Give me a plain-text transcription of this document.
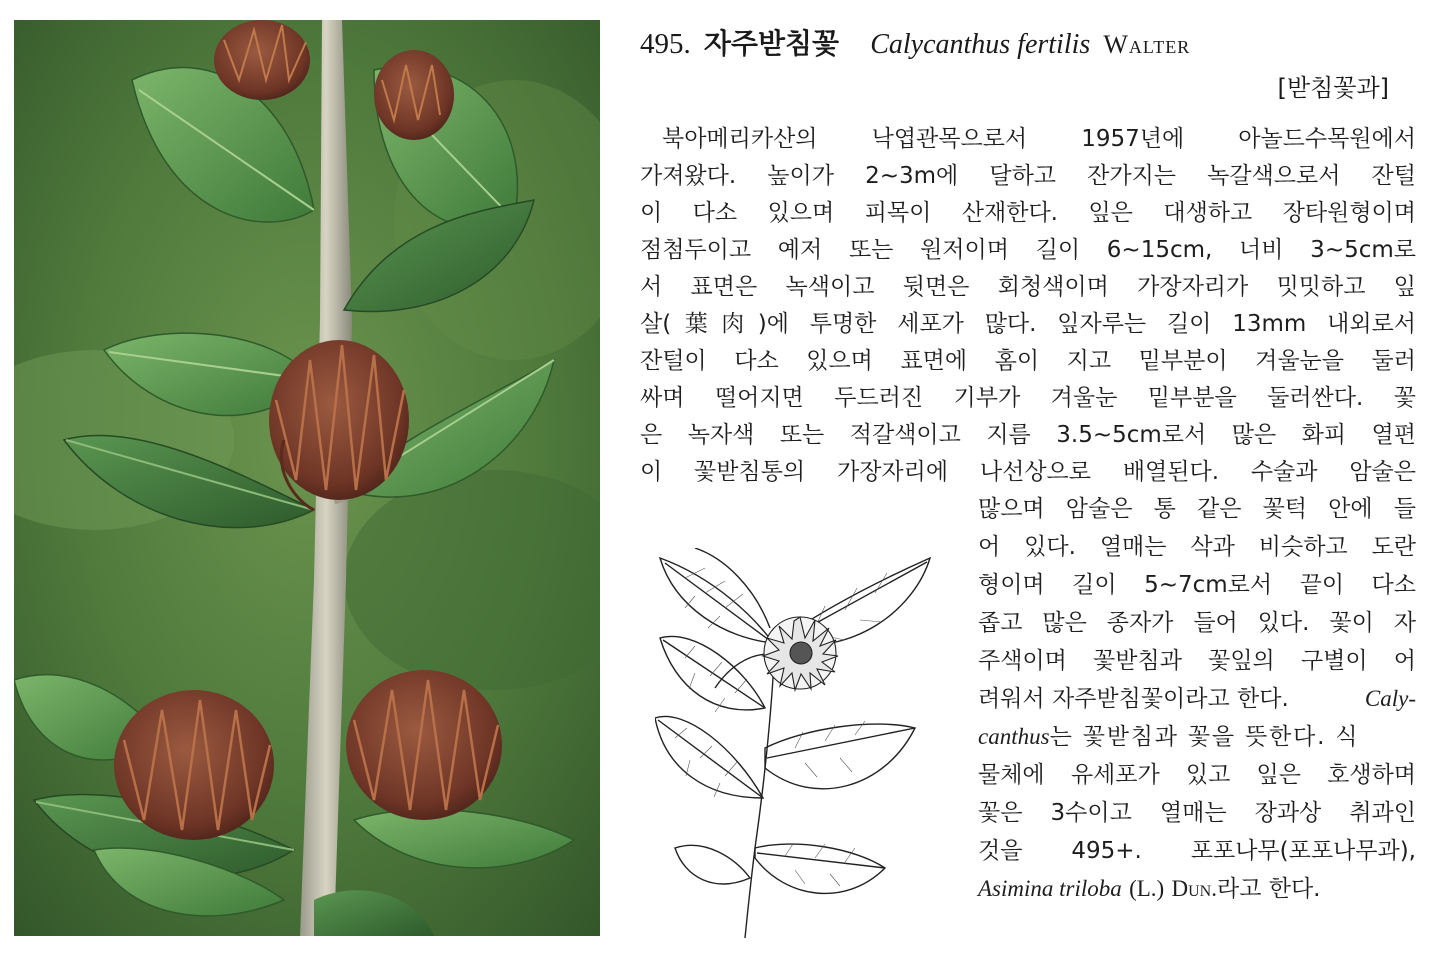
495. 자주받침꽃 Calycanthus fertilis Walter
[받침꽃과]
북아메리카산의 낙엽관목으로서 1957년에 아놀드수목원에서
가져왔다. 높이가 2~3m에 달하고 잔가지는 녹갈색으로서 잔털
이 다소 있으며 피목이 산재한다. 잎은 대생하고 장타원형이며
점첨두이고 예저 또는 원저이며 길이 6~15cm, 너비 3~5cm로
서 표면은 녹색이고 뒷면은 회청색이며 가장자리가 밋밋하고 잎
살(葉肉)에 투명한 세포가 많다. 잎자루는 길이 13mm 내외로서
잔털이 다소 있으며 표면에 홈이 지고 밑부분이 겨울눈을 둘러
싸며 떨어지면 두드러진 기부가 겨울눈 밑부분을 둘러싼다. 꽃
은 녹자색 또는 적갈색이고 지름 3.5~5cm로서 많은 화피 열편
이 꽃받침통의 가장자리에 나선상으로 배열된다. 수술과 암술은
많으며 암술은 통 같은 꽃턱 안에 들
어 있다. 열매는 삭과 비슷하고 도란
형이며 길이 5~7cm로서 끝이 다소
좁고 많은 종자가 들어 있다. 꽃이 자
주색이며 꽃받침과 꽃잎의 구별이 어
려워서 자주받침꽃이라고 한다.	Caly-
canthus는 꽃받침과 꽃을 뜻한다. 식
물체에 유세포가 있고 잎은 호생하며
꽃은 3수이고 열매는 장과상 취과인
것을 495+. 포포나무(포포나무과),
Asimina triloba (L.) Dun.라고 한다.
